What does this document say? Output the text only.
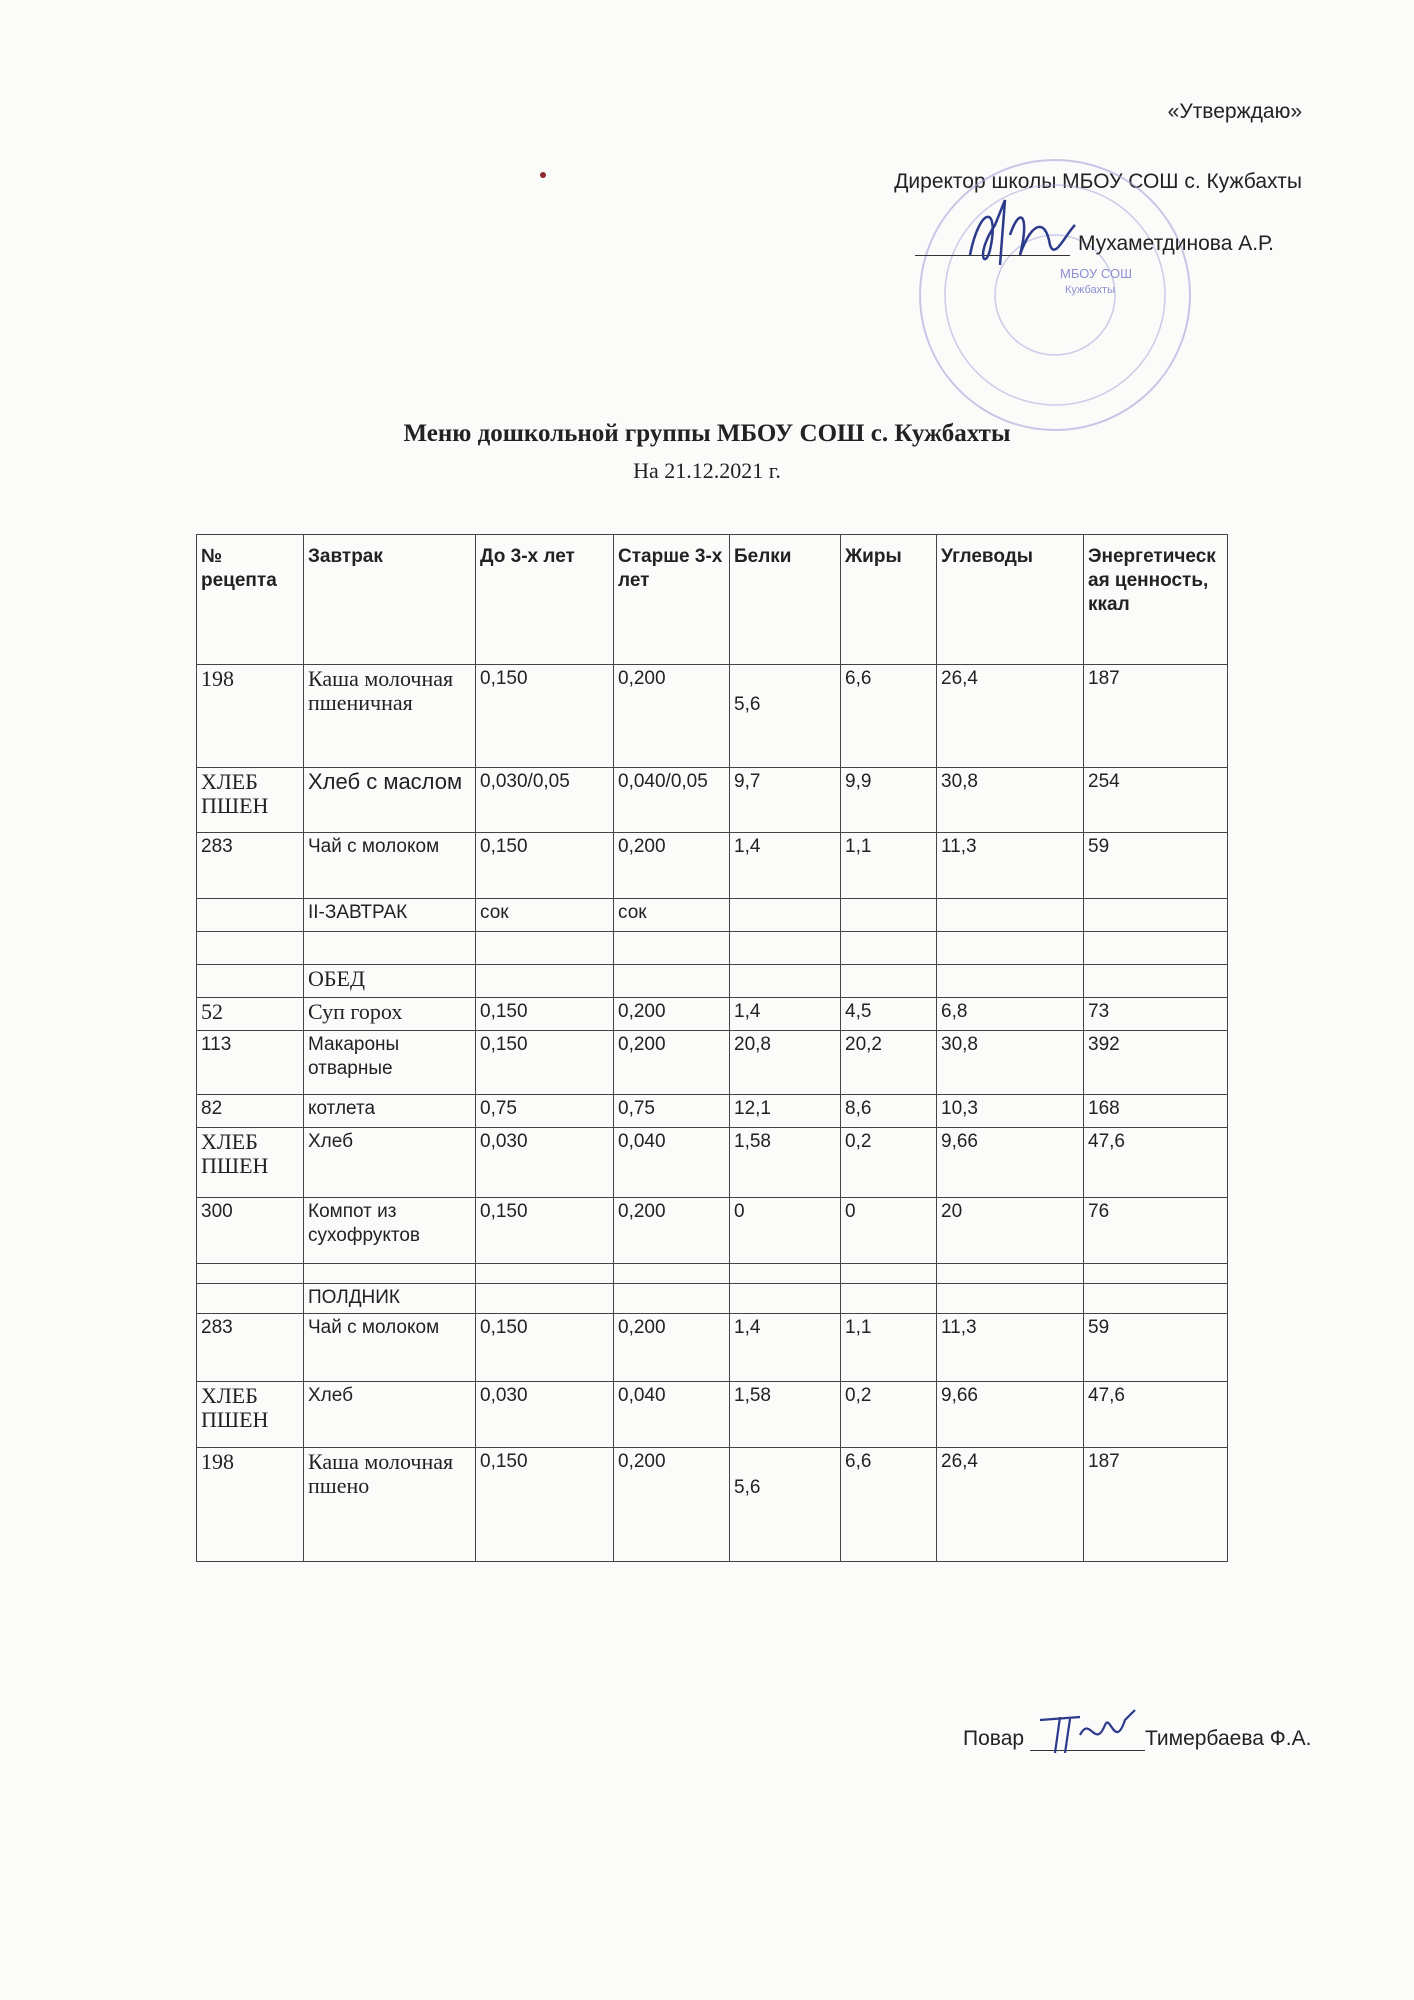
«Утверждаю»
Директор школы МБОУ СОШ с. Кужбахты
МБОУ СОШ
Кужбахты
Мухаметдинова А.Р.
Меню дошкольной группы МБОУ СОШ с. Кужбахты
На 21.12.2021 г.
№ рецепта	Завтрак	До 3-х лет	Старше 3-х лет	Белки	Жиры	Углеводы	Энергетическая ценность, ккал
198	Каша молочная пшеничная	0,150	0,200	5,6	6,6	26,4	187
ХЛЕБ ПШЕН	Хлеб с маслом	0,030/0,05	0,040/0,05	9,7	9,9	30,8	254
283	Чай с молоком	0,150	0,200	1,4	1,1	11,3	59
	II-ЗАВТРАК	сок	сок				

	ОБЕД						
52	Суп горох	0,150	0,200	1,4	4,5	6,8	73
113	Макароны отварные	0,150	0,200	20,8	20,2	30,8	392
82	котлета	0,75	0,75	12,1	8,6	10,3	168
ХЛЕБ ПШЕН	Хлеб	0,030	0,040	1,58	0,2	9,66	47,6
300	Компот из сухофруктов	0,150	0,200	0	0	20	76

	ПОЛДНИК						
283	Чай с молоком	0,150	0,200	1,4	1,1	11,3	59
ХЛЕБ ПШЕН	Хлеб	0,030	0,040	1,58	0,2	9,66	47,6
198	Каша молочная пшено	0,150	0,200	5,6	6,6	26,4	187
Повар	Тимербаева Ф.А.
